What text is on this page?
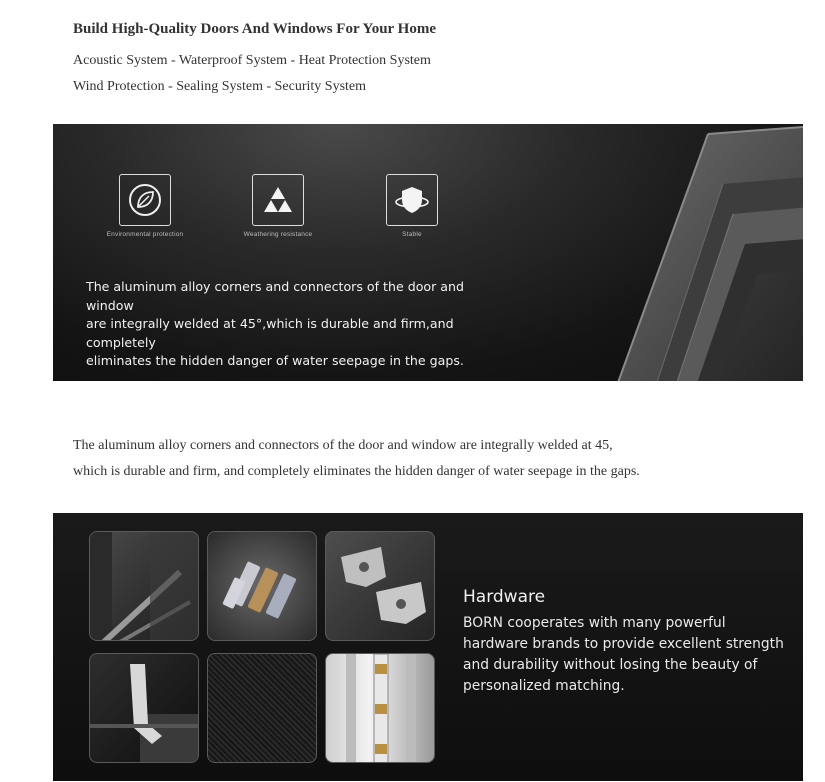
Build High-Quality Doors And Windows For Your Home

Acoustic System - Waterproof System - Heat Protection System

Wind Protection - Sealing System - Security System

Environmental protection	Weathering resistance	Stable
The aluminum alloy corners and connectors of the door and window
are integrally welded at 45°,which is durable and firm,and completely
eliminates the hidden danger of water seepage in the gaps.

The aluminum alloy corners and connectors of the door and window are integrally welded at 45,

which is durable and firm, and completely eliminates the hidden danger of water seepage in the gaps.

Hardware
BORN cooperates with many powerful
hardware brands to provide excellent strength
and durability without losing the beauty of
personalized matching.
